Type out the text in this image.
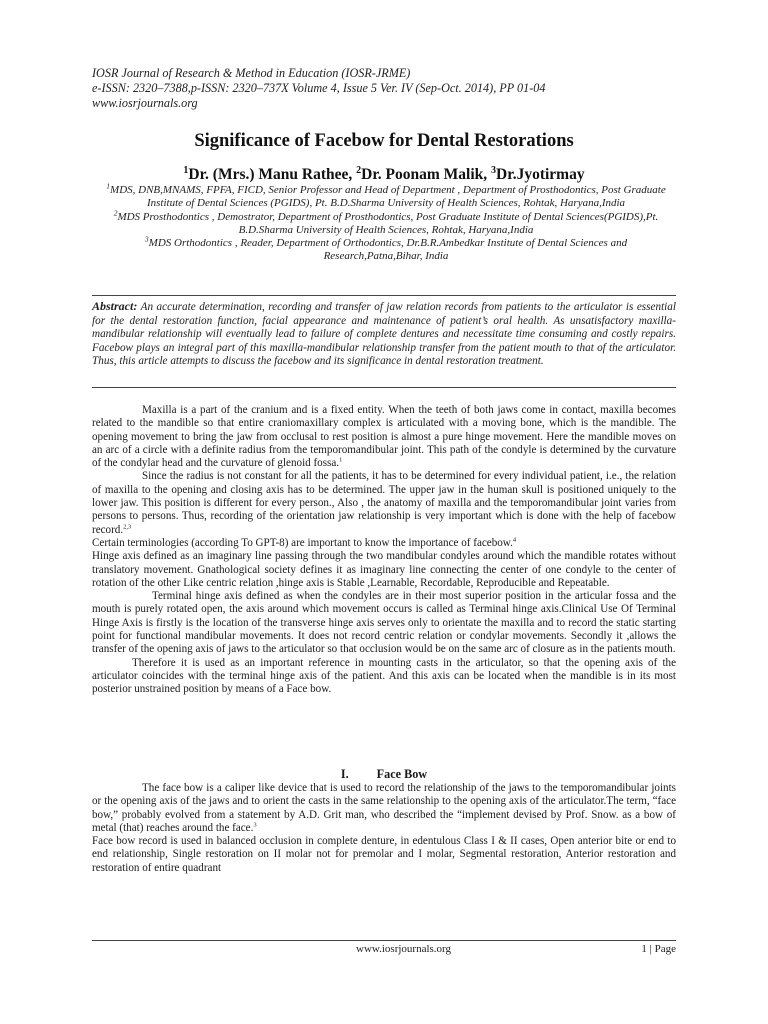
IOSR Journal of Research & Method in Education (IOSR-JRME)
e-ISSN: 2320–7388,p-ISSN: 2320–737X Volume 4, Issue 5 Ver. IV (Sep-Oct. 2014), PP 01-04
www.iosrjournals.org
Significance of Facebow for Dental Restorations
$^1$Dr. (Mrs.) Manu Rathee, $^2$Dr. Poonam Malik, $^3$Dr.Jyotirmay
$^1$MDS, DNB,MNAMS, FPFA, FICD, Senior Professor and Head of Department , Department of Prosthodontics, Post Graduate Institute of Dental Sciences (PGIDS), Pt. B.D.Sharma University of Health Sciences, Rohtak, Haryana,India
$^2$MDS Prosthodontics , Demostrator, Department of Prosthodontics, Post Graduate Institute of Dental Sciences(PGIDS),Pt. B.D.Sharma University of Health Sciences, Rohtak, Haryana,India
$^3$MDS Orthodontics , Reader, Department of Orthodontics, Dr.B.R.Ambedkar Institute of Dental Sciences and Research,Patna,Bihar, India
Abstract: An accurate determination, recording and transfer of jaw relation records from patients to the articulator is essential for the dental restoration function, facial appearance and maintenance of patient’s oral health. As unsatisfactory maxilla-mandibular relationship will eventually lead to failure of complete dentures and necessitate time consuming and costly repairs. Facebow plays an integral part of this maxilla-mandibular relationship transfer from the patient mouth to that of the articulator. Thus, this article attempts to discuss the facebow and its significance in dental restoration treatment.

Maxilla is a part of the cranium and is a fixed entity. When the teeth of both jaws come in contact, maxilla becomes related to the mandible so that entire craniomaxillary complex is articulated with a moving bone, which is the mandible. The opening movement to bring the jaw from occlusal to rest position is almost a pure hinge movement. Here the mandible moves on an arc of a circle with a definite radius from the temporomandibular joint. This path of the condyle is determined by the curvature of the condylar head and the curvature of glenoid fossa.$^1$

Since the radius is not constant for all the patients, it has to be determined for every individual patient, i.e., the relation of maxilla to the opening and closing axis has to be determined. The upper jaw in the human skull is positioned uniquely to the lower jaw. This position is different for every person., Also , the anatomy of maxilla and the temporomandibular joint varies from persons to persons. Thus, recording of the orientation jaw relationship is very important which is done with the help of facebow record.$^{2,3}$

Certain terminologies (according To GPT-8) are important to know the importance of facebow.$^4$

Hinge axis defined as an imaginary line passing through the two mandibular condyles around which the mandible rotates without translatory movement. Gnathological society defines it as imaginary line connecting the center of one condyle to the center of rotation of the other Like centric relation ,hinge axis is Stable ,Learnable, Recordable, Reproducible and Repeatable.

Terminal hinge axis defined as when the condyles are in their most superior position in the articular fossa and the mouth is purely rotated open, the axis around which movement occurs is called as Terminal hinge axis.Clinical Use Of Terminal Hinge Axis is firstly is the location of the transverse hinge axis serves only to orientate the maxilla and to record the static starting point for functional mandibular movements. It does not record centric relation or condylar movements. Secondly it ,allows the transfer of the opening axis of jaws to the articulator so that occlusion would be on the same arc of closure as in the patients mouth.

Therefore it is used as an important reference in mounting casts in the articulator, so that the opening axis of the articulator coincides with the terminal hinge axis of the patient. And this axis can be located when the mandible is in its most posterior unstrained position by means of a Face bow.

I. Face Bow

The face bow is a caliper like device that is used to record the relationship of the jaws to the temporomandibular joints or the opening axis of the jaws and to orient the casts in the same relationship to the opening axis of the articulator.The term, “face bow,” probably evolved from a statement by A.D. Grit man, who described the “implement devised by Prof. Snow. as a bow of metal (that) reaches around the face.$^3$

Face bow record is used in balanced occlusion in complete denture, in edentulous Class I & II cases, Open anterior bite or end to end relationship, Single restoration on II molar not for premolar and I molar, Segmental restoration, Anterior restoration and restoration of entire quadrant

www.iosrjournals.org	1 | Page
